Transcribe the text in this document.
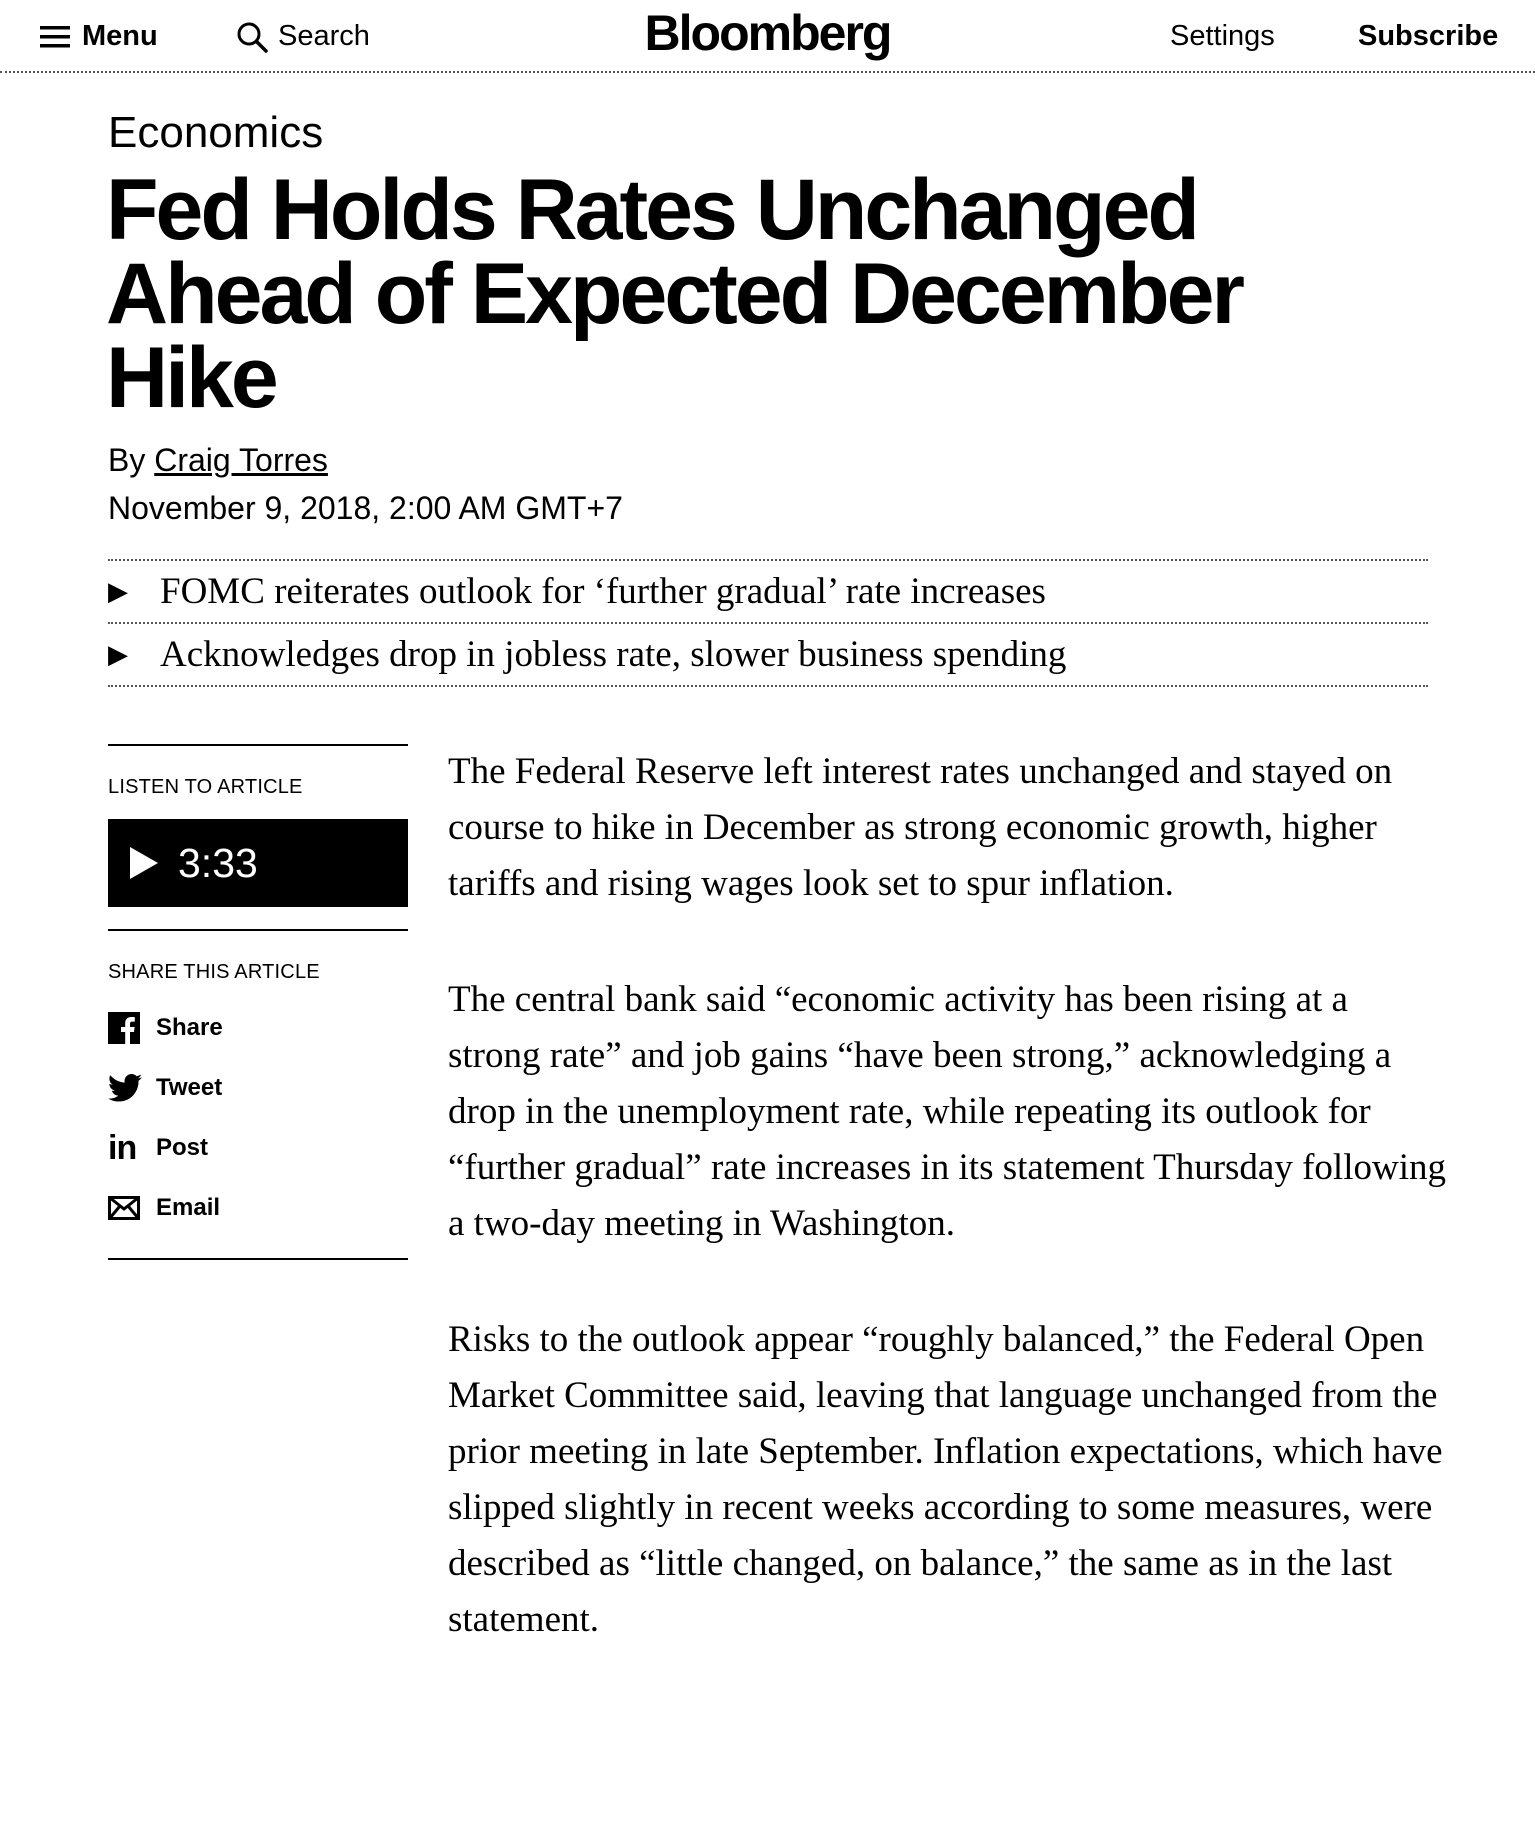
Menu	Search	Bloomberg	Settings	Subscribe
Economics
Fed Holds Rates Unchanged
Ahead of Expected December
Hike
By Craig Torres
November 9, 2018, 2:00 AM GMT+7
▶ FOMC reiterates outlook for ‘further gradual’ rate increases
▶ Acknowledges drop in jobless rate, slower business spending
LISTEN TO ARTICLE
3:33
SHARE THIS ARTICLE
Share
Tweet
in Post
Email

The Federal Reserve left interest rates unchanged and stayed on course to hike in December as strong economic growth, higher tariffs and rising wages look set to spur inflation.

The central bank said “economic activity has been rising at a strong rate” and job gains “have been strong,” acknowledging a drop in the unemployment rate, while repeating its outlook for “further gradual” rate increases in its statement Thursday following a two-day meeting in Washington.

Risks to the outlook appear “roughly balanced,” the Federal Open Market Committee said, leaving that language unchanged from the prior meeting in late September. Inflation expectations, which have slipped slightly in recent weeks according to some measures, were described as “little changed, on balance,” the same as in the last statement.
